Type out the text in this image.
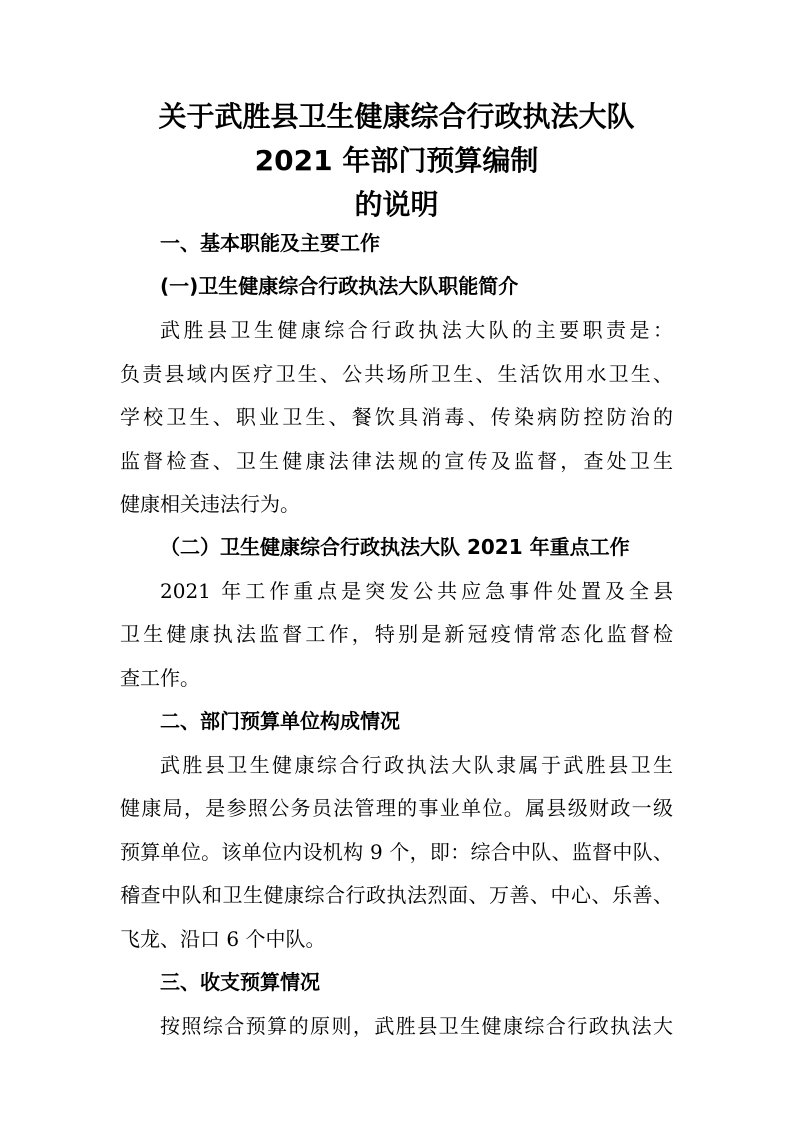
关于武胜县卫生健康综合行政执法大队
2021 年部门预算编制
的说明
一、基本职能及主要工作
(一)卫生健康综合行政执法大队职能简介
武胜县卫生健康综合行政执法大队的主要职责是：
负责县域内医疗卫生、公共场所卫生、生活饮用水卫生、
学校卫生、职业卫生、餐饮具消毒、传染病防控防治的
监督检查、卫生健康法律法规的宣传及监督，查处卫生
健康相关违法行为。
（二）卫生健康综合行政执法大队 2021 年重点工作
2021 年工作重点是突发公共应急事件处置及全县
卫生健康执法监督工作，特别是新冠疫情常态化监督检
查工作。
二、部门预算单位构成情况
武胜县卫生健康综合行政执法大队隶属于武胜县卫生
健康局，是参照公务员法管理的事业单位。属县级财政一级
预算单位。该单位内设机构 9 个，即：综合中队、监督中队、
稽查中队和卫生健康综合行政执法烈面、万善、中心、乐善、
飞龙、沿口 6 个中队。
三、收支预算情况
按照综合预算的原则，武胜县卫生健康综合行政执法大
